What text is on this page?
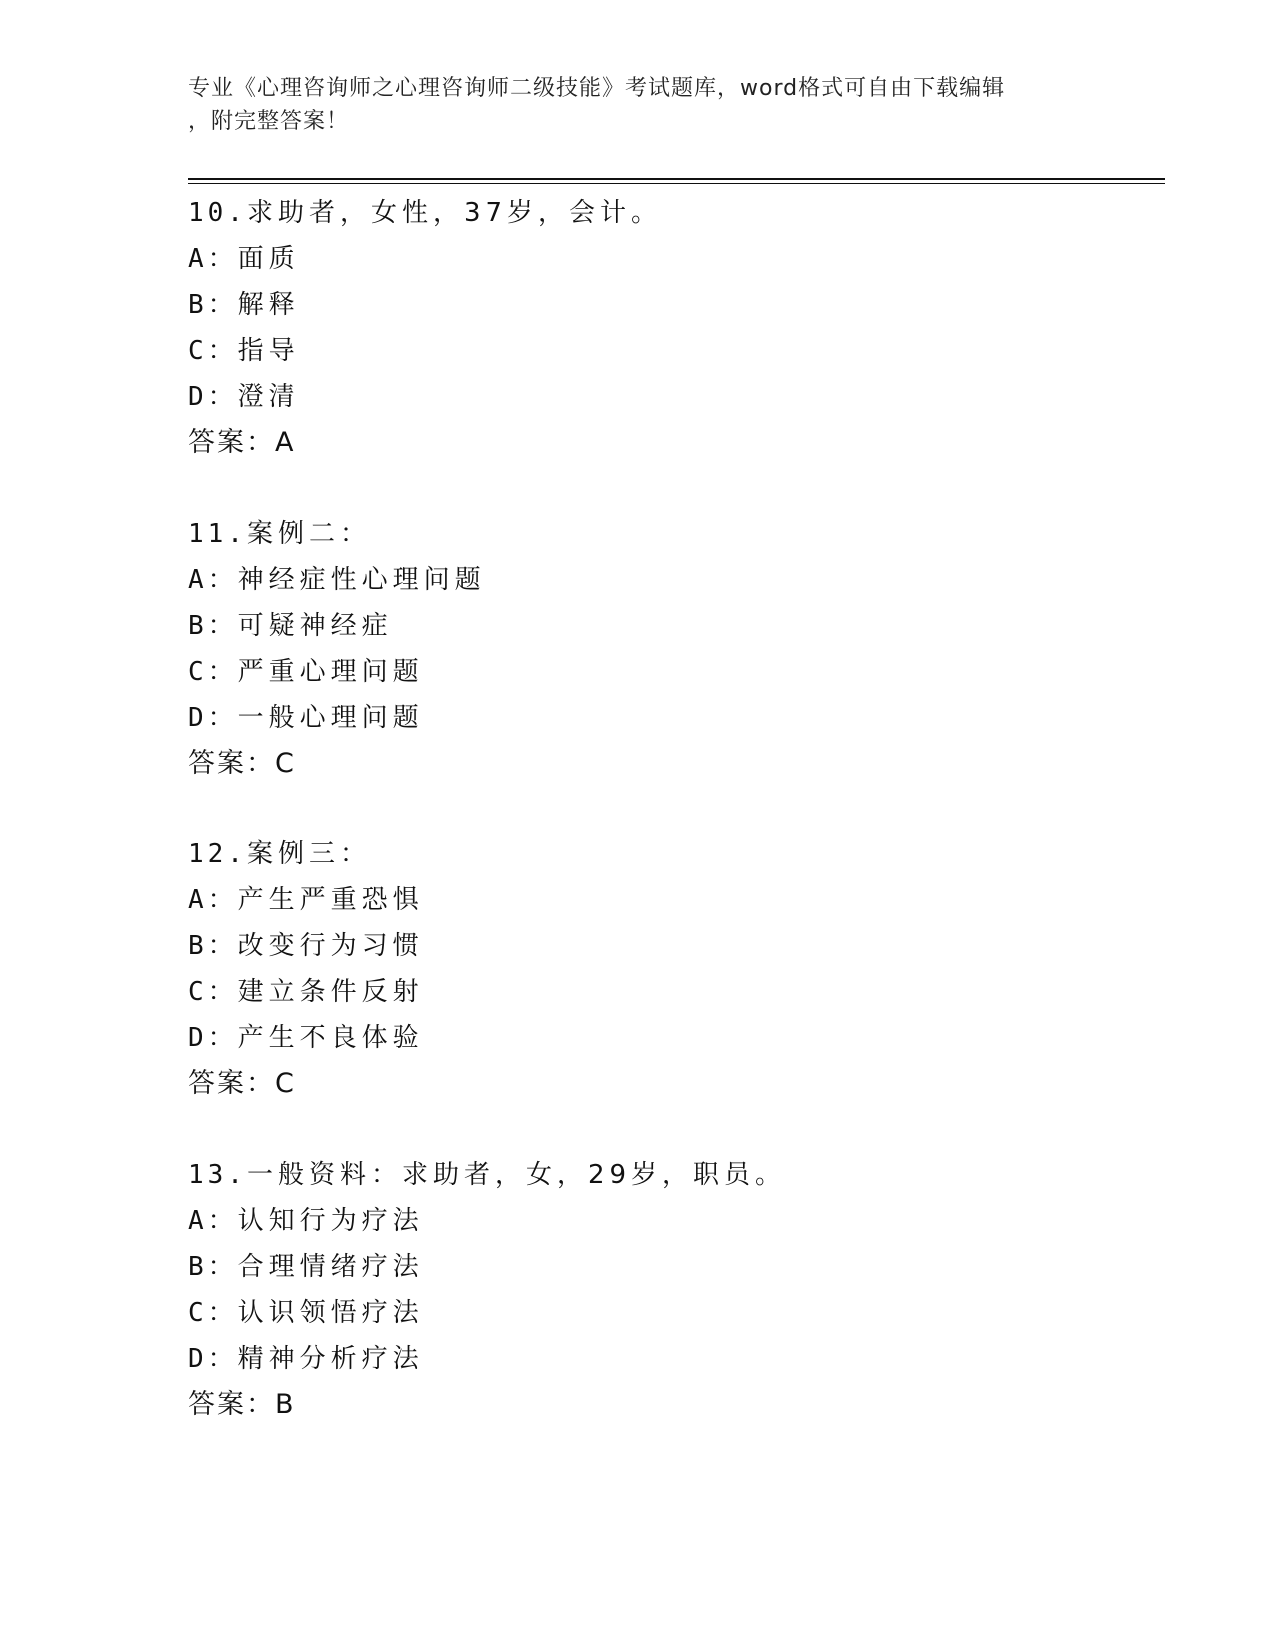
专业《心理咨询师之心理咨询师二级技能》考试题库，word格式可自由下载编辑
，附完整答案！
10.求助者，女性，37岁，会计。
A：面质
B：解释
C：指导
D：澄清
答案：A
11.案例二：
A：神经症性心理问题
B：可疑神经症
C：严重心理问题
D：一般心理问题
答案：C
12.案例三：
A：产生严重恐惧
B：改变行为习惯
C：建立条件反射
D：产生不良体验
答案：C
13.一般资料：求助者，女，29岁，职员。
A：认知行为疗法
B：合理情绪疗法
C：认识领悟疗法
D：精神分析疗法
答案：B
